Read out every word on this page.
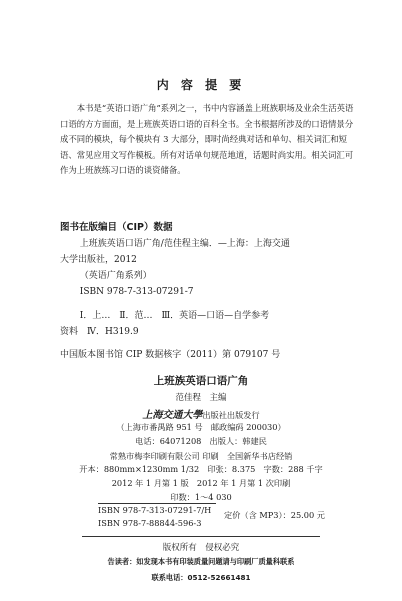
内 容 提 要

本书是“英语口语广角”系列之一，书中内容涵盖上班族职场及业余生活英语口语的方方面面，是上班族英语口语的百科全书。全书根据所涉及的口语情景分成不同的模块，每个模块有 3 大部分，即时尚经典对话和单句、相关词汇和短语、常见应用文写作模板。所有对话单句规范地道，话题时尚实用。相关词汇可作为上班族练习口语的谈资储备。

图书在版编目（CIP）数据
上班族英语口语广角/范佳程主编．—上海：上海交通
大学出版社，2012
（英语广角系列）
ISBN 978-7-313-07291-7
Ⅰ．上…　Ⅱ．范…　Ⅲ．英语—口语—自学参考
资料　Ⅳ．H319.9
中国版本图书馆 CIP 数据核字（2011）第 079107 号
上班族英语口语广角
范佳程　主编
上海交通大學出版社出版发行
（上海市番禺路 951 号　邮政编码 200030）
电话：64071208　出版人：韩建民
常熟市梅李印刷有限公司 印刷　全国新华书店经销
开本：880mm×1230mm 1/32　印张：8.375　字数：288 千字
2012 年 1 月第 1 版　2012 年 1 月第 1 次印刷
印数：1～4 030
ISBN 978-7-313-07291-7/H
ISBN 978-7-88844-596-3
定价（含 MP3）：25.00 元
版权所有　侵权必究
告读者：如发现本书有印装质量问题请与印刷厂质量科联系
联系电话：0512-52661481
